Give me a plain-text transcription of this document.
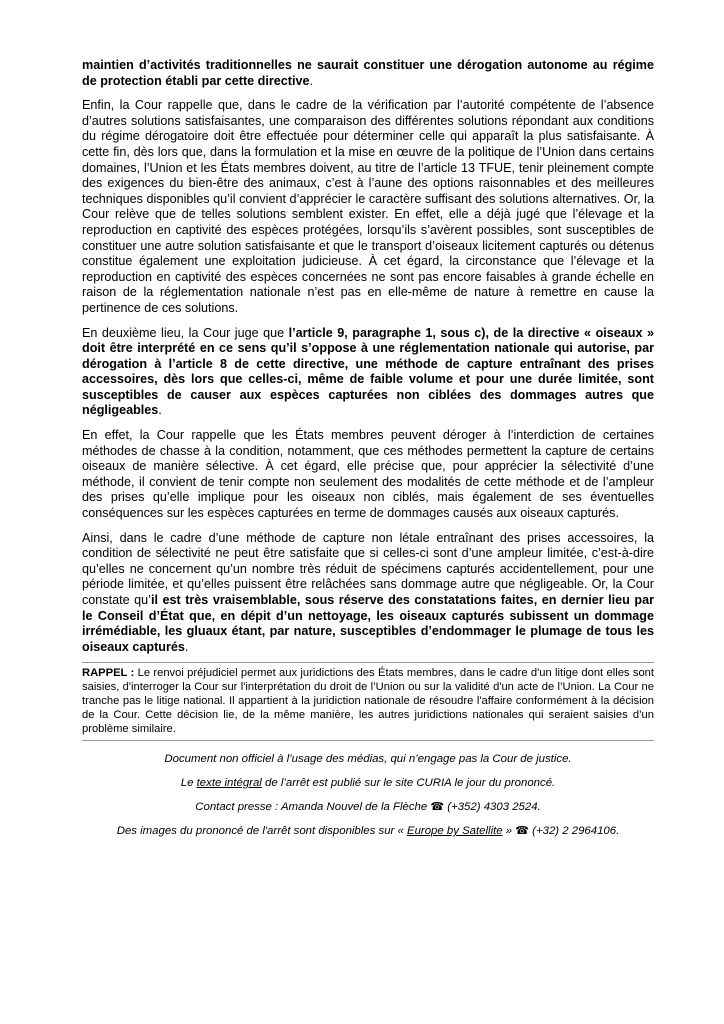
maintien d’activités traditionnelles ne saurait constituer une dérogation autonome au régime de protection établi par cette directive.

Enfin, la Cour rappelle que, dans le cadre de la vérification par l’autorité compétente de l’absence d’autres solutions satisfaisantes, une comparaison des différentes solutions répondant aux conditions du régime dérogatoire doit être effectuée pour déterminer celle qui apparaît la plus satisfaisante. À cette fin, dès lors que, dans la formulation et la mise en œuvre de la politique de l’Union dans certains domaines, l’Union et les États membres doivent, au titre de l’article 13 TFUE, tenir pleinement compte des exigences du bien-être des animaux, c’est à l’aune des options raisonnables et des meilleures techniques disponibles qu’il convient d’apprécier le caractère suffisant des solutions alternatives. Or, la Cour relève que de telles solutions semblent exister. En effet, elle a déjà jugé que l’élevage et la reproduction en captivité des espèces protégées, lorsqu’ils s’avèrent possibles, sont susceptibles de constituer une autre solution satisfaisante et que le transport d’oiseaux licitement capturés ou détenus constitue également une exploitation judicieuse. À cet égard, la circonstance que l’élevage et la reproduction en captivité des espèces concernées ne sont pas encore faisables à grande échelle en raison de la réglementation nationale n’est pas en elle-même de nature à remettre en cause la pertinence de ces solutions.

En deuxième lieu, la Cour juge que l’article 9, paragraphe 1, sous c), de la directive « oiseaux » doit être interprété en ce sens qu’il s’oppose à une réglementation nationale qui autorise, par dérogation à l’article 8 de cette directive, une méthode de capture entraînant des prises accessoires, dès lors que celles-ci, même de faible volume et pour une durée limitée, sont susceptibles de causer aux espèces capturées non ciblées des dommages autres que négligeables.

En effet, la Cour rappelle que les États membres peuvent déroger à l’interdiction de certaines méthodes de chasse à la condition, notamment, que ces méthodes permettent la capture de certains oiseaux de manière sélective. À cet égard, elle précise que, pour apprécier la sélectivité d’une méthode, il convient de tenir compte non seulement des modalités de cette méthode et de l’ampleur des prises qu’elle implique pour les oiseaux non ciblés, mais également de ses éventuelles conséquences sur les espèces capturées en terme de dommages causés aux oiseaux capturés.

Ainsi, dans le cadre d’une méthode de capture non létale entraînant des prises accessoires, la condition de sélectivité ne peut être satisfaite que si celles-ci sont d’une ampleur limitée, c’est-à-dire qu’elles ne concernent qu’un nombre très réduit de spécimens capturés accidentellement, pour une période limitée, et qu’elles puissent être relâchées sans dommage autre que négligeable. Or, la Cour constate qu’il est très vraisemblable, sous réserve des constatations faites, en dernier lieu par le Conseil d’État que, en dépit d’un nettoyage, les oiseaux capturés subissent un dommage irrémédiable, les gluaux étant, par nature, susceptibles d’endommager le plumage de tous les oiseaux capturés.

RAPPEL : Le renvoi préjudiciel permet aux juridictions des États membres, dans le cadre d'un litige dont elles sont saisies, d'interroger la Cour sur l'interprétation du droit de l’Union ou sur la validité d'un acte de l’Union. La Cour ne tranche pas le litige national. Il appartient à la juridiction nationale de résoudre l'affaire conformément à la décision de la Cour. Cette décision lie, de la même manière, les autres juridictions nationales qui seraient saisies d’un problème similaire.
Document non officiel à l’usage des médias, qui n’engage pas la Cour de justice.
Le texte intégral de l’arrêt est publié sur le site CURIA le jour du prononcé.
Contact presse : Amanda Nouvel de la Flèche ☎ (+352) 4303 2524.
Des images du prononcé de l'arrêt sont disponibles sur « Europe by Satellite » ☎ (+32) 2 2964106.
